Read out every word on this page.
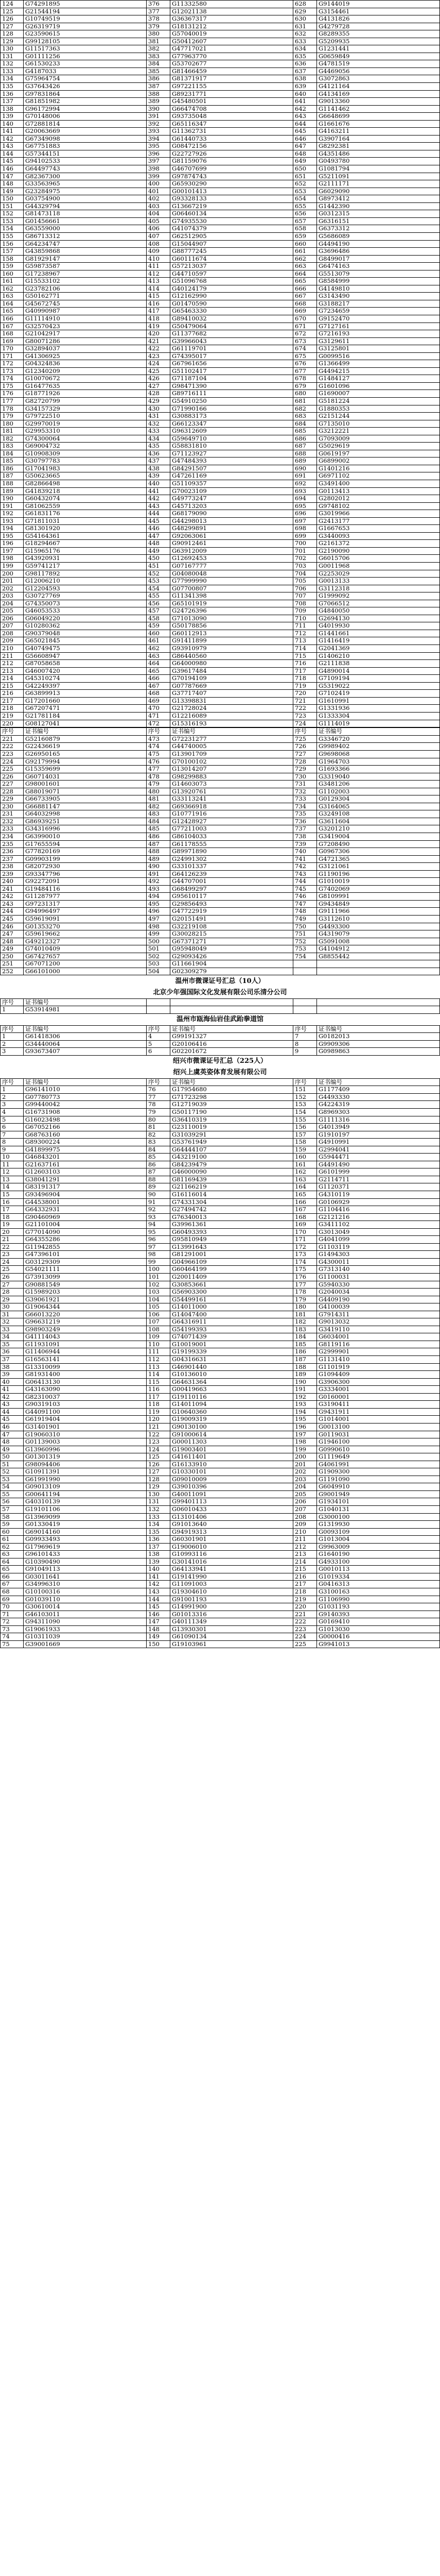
124	G74291895	376	G11332580	628	G9144019
125	G21544194	377	G12021138	629	G3154461
126	G10749519	378	G36367317	630	G4131826
127	G26319719	379	G18131212	631	G4279728
128	G23590615	380	G57040019	632	G8289355
129	G99128105	381	G50412607	633	G5209935
130	G11517363	382	G47717021	634	G1231441
131	G01111256	383	G77963770	635	G0659849
132	G61530233	384	G53702677	636	G4781519
133	G4187033	385	G81466459	637	G4469056
134	G75964754	386	G81371917	638	G3072863
135	G37643426	387	G97221155	639	G4121164
136	G97831864	388	G89231771	640	G4134169
137	G81851982	389	G45480501	641	G9013360
138	G96172994	390	G66474708	642	G1141462
139	G70148006	391	G93735048	643	G6648699
140	G72881814	392	G65116347	644	G1661676
141	G20063669	393	G11362731	645	G4163211
142	G67349098	394	G61440733	646	G3907164
143	G67751883	395	G08472156	647	G8292381
144	G57344151	396	G22727926	648	G4351486
145	G94102533	397	G81159076	649	G0493780
146	G64497743	398	G46707699	650	G1081794
147	G82367300	399	G97874743	651	G5211091
148	G33563965	400	G65930290	652	G2111171
149	G23284975	401	G00101413	653	G6029090
150	G03754900	402	G93328133	654	G8973412
151	G44329794	403	G13667219	655	G1442390
152	G81473118	404	G06460134	656	G0312315
153	G01456661	405	G74935530	657	G6316151
154	G63559000	406	G41074379	658	G6373312
155	G86713312	407	G62512905	659	G5686089
156	G64234747	408	G15044907	660	G4494190
157	G43859868	409	G88777245	661	G3696486
158	G81929147	410	G60111674	662	G8499017
159	G59873587	411	G57213037	663	G6474163
160	G17238967	412	G44710597	664	G5513079
161	G15533102	413	G51096768	665	G8584999
162	G23782106	414	G40124179	666	G4149810
163	G50162771	415	G12162990	667	G3143490
164	G45672745	416	G01470590	668	G3188217
165	G40990987	417	G65463330	669	G7234659
166	G11114910	418	G89410032	670	G9152470
167	G32570423	419	G50479064	671	G7127161
168	G21042917	420	G11377682	672	G7216193
169	G80071286	421	G39966043	673	G3129611
170	G32894037	422	G61119701	674	G3125801
171	G41306925	423	G74395017	675	G0099516
172	G04324836	424	G67961656	676	G1366499
173	G12340209	425	G51102417	677	G4494215
174	G10070672	426	G71187104	678	G1484127
175	G16477635	427	G98471390	679	G1601096
176	G18771926	428	G89716111	680	G1690007
177	G82720799	429	G54910250	681	G5181224
178	G34157329	430	G71990166	682	G1880353
179	G79722510	431	G30883173	683	G2151244
180	G29970019	432	G66123347	684	G7135010
181	G29953310	433	G96312609	685	G3212221
182	G74300064	434	G59649710	686	G7093009
183	G69004732	435	G58831810	687	G5029619
184	G10908309	436	G71123927	688	G0619197
185	G30797783	437	G47484393	689	G6899002
186	G17041983	438	G84291507	690	G1401216
187	G50623665	439	G47261169	691	G6971102
188	G82866498	440	G51109357	692	G3491400
189	G41839218	441	G70023109	693	G0113413
190	G60432074	442	G49773247	694	G2802012
191	G81062559	443	G45713203	695	G9748102
192	G61831176	444	G68179090	696	G3019966
193	G71811031	445	G44298013	697	G2413177
194	G81301920	446	G48299891	698	G1667653
195	G54164361	447	G92063061	699	G3440093
196	G18294667	448	G90912461	700	G2161372
197	G15965176	449	G63912009	701	G2190090
198	G43920931	450	G12692453	702	G6015706
199	G59741217	451	G07167777	703	G0011968
200	G98117892	452	G04080048	704	G2253029
201	G12006210	453	G77999990	705	G0013133
202	G12204593	454	G07700807	706	G3112318
203	G30727769	455	G11341398	707	G1999092
204	G74350073	456	G65101919	708	G7066512
205	G46053533	457	G24726396	709	G4840050
206	G06049220	458	G71013090	710	G2694130
207	G10280362	459	G50178856	711	G4019930
208	G90379048	460	G60112913	712	G1441661
209	G65021845	461	G91411899	713	G1416419
210	G40749475	462	G93910979	714	G2041369
211	G56608947	463	G86440560	715	G1406210
212	G87058658	464	G64000980	716	G2111838
213	G46007420	465	G39617484	717	G4890014
214	G45310274	466	G70194109	718	G7109194
215	G42249397	467	G07787669	719	G5319022
216	G63899913	468	G37717407	720	G7102419
217	G17201660	469	G13398831	721	G1610991
218	G67207471	470	G21728024	722	G1331936
219	G21781184	471	G12216089	723	G1333304
220	G08127041	472	G15316193	724	G1114019
序号	证书编号	序号	证书编号	序号	证书编号
221	G52160879	473	G72231277	725	G3346720
222	G22436619	474	G44740005	726	G9989402
223	G26950165	475	G13901709	727	G9698068
224	G92179994	476	G70100102	728	G1964703
225	G15359699	477	G13014207	729	G1693366
226	G60714031	478	G98299883	730	G3319040
227	G98001601	479	G14603073	731	G3481206
228	G88019071	480	G13920761	732	G1102003
229	G66733905	481	G33113241	733	G0129304
230	G66881147	482	G69366918	734	G3164065
231	G64032998	483	G10771916	735	G3249108
232	G86939251	484	G12428927	736	G3611604
233	G34316996	485	G77211003	737	G3201210
234	G63990010	486	G86104033	738	G3419004
235	G17655594	487	G61178555	739	G7208490
236	G77820169	488	G89971890	740	G0967306
237	G09903199	489	G24991302	741	G4721365
238	G82072930	490	G33101337	742	G3121061
239	G93347796	491	G64126239	743	G1190196
240	G92272091	492	G44707001	744	G1010019
241	G19484116	493	G68499297	745	G7402069
242	G11287977	494	G95610117	746	G8109991
243	G97231317	495	G29856493	747	G9434849
244	G94996497	496	G47722919	748	G9111966
245	G59619091	497	G20151491	749	G3112610
246	G01353270	498	G32219108	750	G4493300
247	G59619662	499	G30028215	751	G4319079
248	G49212327	500	G67371271	752	G5091008
249	G74010409	501	G95948049	753	G4104912
250	G67427657	502	G29093426	754	G8855442
251	G67071200	503	G11661904
252	G66101000	504	G02309279
温州市微课证号汇总（10人）
北京少年强国际文化发展有限公司乐清分公司
序号	证书编号
1	G53914981
温州市瓯海仙岩佳武跆拳道馆
序号	证书编号	序号	证书编号	序号	证书编号
1	G61418306	4	G99191327	7	G0182013
2	G34440064	5	G20106416	8	G9909306
3	G93673407	6	G02201672	9	G0989863
绍兴市微课证号汇总（225人）
绍兴上虞英姿体育发展有限公司
序号	证书编号	序号	证书编号	序号	证书编号
1	G96141010	76	G17954680	151	G1177409
2	G07780773	77	G71723298	152	G4493330
3	G99440042	78	G12719039	153	G4224319
4	G16731908	79	G50117190	154	G8969303
5	G16023498	80	G36410319	155	G1111316
6	G67052166	81	G23110019	156	G4013949
7	G68763160	82	G31039291	157	G1910197
8	G89300224	83	G53761949	158	G4910991
9	G41899975	84	G64444107	159	G2994041
10	G46843201	85	G43219100	160	G5944471
11	G21637161	86	G84239479	161	G4491490
12	G12603103	87	G46000090	162	G6101999
13	G38041291	88	G81169439	163	G2114711
14	G83191317	89	G21166219	164	G1120371
15	G93496904	90	G16116014	165	G4310119
16	G44538001	91	G74331304	166	G0106929
17	G64332931	92	G27494742	167	G1104416
18	G90460969	93	G76340013	168	G2121216
19	G21101004	94	G39961361	169	G3411102
20	G77014090	95	G60493393	170	G3013049
21	G64355286	96	G95810949	171	G4041099
22	G11942855	97	G13991643	172	G1103119
23	G47396101	98	G81291001	173	G1494303
24	G03129309	99	G04966109	174	G4300011
25	G54021111	100	G60464199	175	G7313140
26	G73913099	101	G20011409	176	G1100031
27	G90881549	102	G30853661	177	G5940330
28	G15989203	103	G56903300	178	G2040034
29	G39061921	104	G54499161	179	G4409190
30	G19064344	105	G14011000	180	G4100039
31	G66013220	106	G14047400	181	G7914311
32	G96631219	107	G64316911	182	G9013032
33	G98903249	108	G54199393	183	G3419110
34	G41114043	109	G74071439	184	G6034001
35	G11931091	110	G10019001	185	G8119116
36	G11406944	111	G19199339	186	G2999901
37	G16563141	112	G04316631	187	G1131410
38	G13310099	113	G46901440	188	G1101919
39	G81931400	114	G10136010	189	G1094409
40	G06413130	115	G64631364	190	G3906300
41	G43163090	116	G00419663	191	G3334001
42	G82310037	117	G19110116	192	G0160001
43	G90319103	118	G14011094	193	G3190411
44	G44091100	119	G10640360	194	G9431911
45	G61919404	120	G19009319	195	G1014001
46	G31401901	121	G90130100	196	G0013100
47	G19060310	122	G91000614	197	G0119031
48	G01139003	123	G00011303	198	G1946100
49	G13960996	124	G19003401	199	G0990610
50	G01301319	125	G41611401	200	G1119649
51	G98094406	126	G16133910	201	G4061991
52	G10911391	127	G10330101	202	G1909300
53	G61991990	128	G09010009	203	G1191090
54	G09013109	129	G39010396	204	G6049910
55	G00641194	130	G40011091	205	G9001949
56	G40310139	131	G99401113	206	G1934101
57	G19101106	132	G06010433	207	G1040131
58	G13969099	133	G13101406	208	G3000100
59	G01330419	134	G91013640	209	G1319930
60	G69014160	135	G94919313	210	G0093109
61	G09933493	136	G60301901	211	G1013004
62	G17969619	137	G19006010	212	G9963009
63	G96101433	138	G10993116	213	G1640190
64	G10390490	139	G30141016	214	G4933100
65	G91049113	140	G64133941	215	G0010113
66	G03011641	141	G19141990	216	G1019334
67	G34996310	142	G11091003	217	G0416313
68	G10100316	143	G19304610	218	G3100163
69	G01039110	144	G91001193	219	G1106990
70	G30610014	145	G14991900	220	G1031193
71	G46103011	146	G01013316	221	G9140393
72	G94311090	147	G40111349	222	G0169410
73	G19061933	148	G13930301	223	G1013030
74	G10311039	149	G61090134	224	G0000416
75	G39001669	150	G19103961	225	G9941013
